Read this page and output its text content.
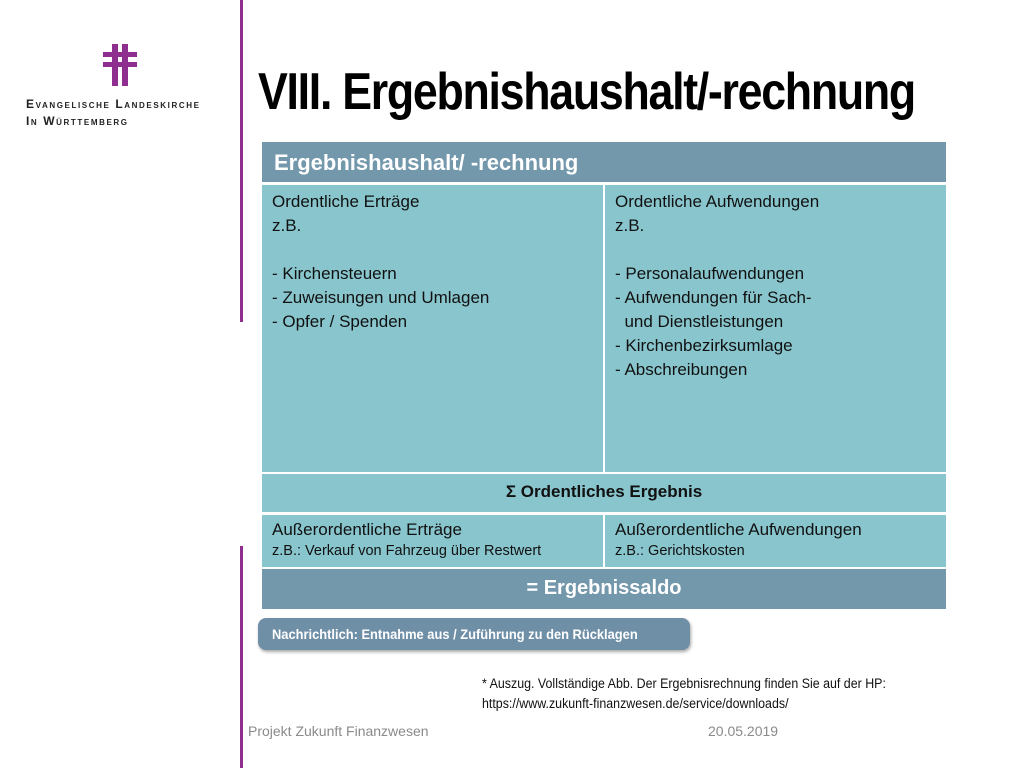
Evangelische Landeskirche
In Württemberg	VIII. Ergebnishaushalt/-rechnung
Ergebnishaushalt/ -rechnung
Ordentliche Erträge
z.B.

- Kirchensteuern
- Zuweisungen und Umlagen
- Opfer / Spenden
Ordentliche Aufwendungen
z.B.

- Personalaufwendungen
- Aufwendungen für Sach-
und Dienstleistungen
- Kirchenbezirksumlage
- Abschreibungen
Σ Ordentliches Ergebnis
Außerordentliche Erträge
z.B.: Verkauf von Fahrzeug über Restwert
Außerordentliche Aufwendungen
z.B.: Gerichtskosten
= Ergebnissaldo
Nachrichtlich: Entnahme aus / Zuführung zu den Rücklagen
* Auszug. Vollständige Abb. Der Ergebnisrechnung finden Sie auf der HP:
https://www.zukunft-finanzwesen.de/service/downloads/
Projekt Zukunft Finanzwesen	20.05.2019
